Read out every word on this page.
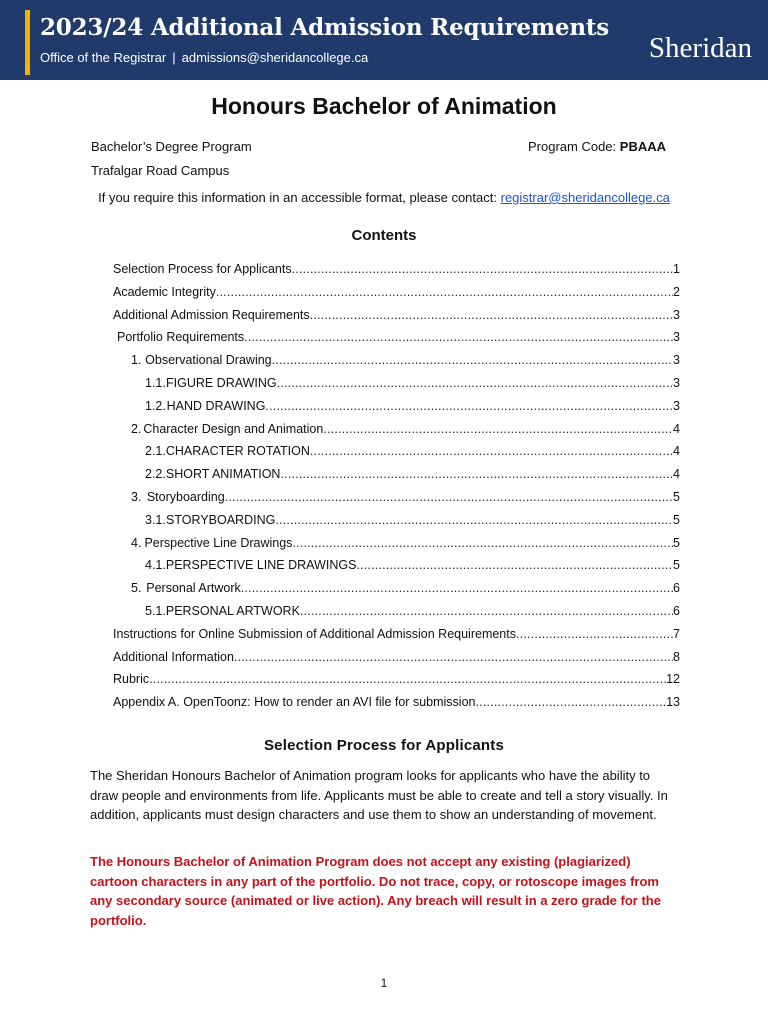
2023/24 Additional Admission Requirements
Office of the Registrar | admissions@sheridancollege.ca	Sheridan
Honours Bachelor of Animation
Bachelor’s Degree Program
Trafalgar Road Campus
Program Code: PBAAA
If you require this information in an accessible format, please contact: registrar@sheridancollege.ca
Contents
Selection Process for Applicants .....	1
Academic Integrity .....	2
Additional Admission Requirements .....	3
Portfolio Requirements .....	3
1. Observational Drawing .....	3
1.1. FIGURE DRAWING .....	3
1.2. HAND DRAWING .....	3
2. Character Design and Animation .....	4
2.1. CHARACTER ROTATION .....	4
2.2. SHORT ANIMATION .....	4
3. Storyboarding .....	5
3.1. STORYBOARDING .....	5
4. Perspective Line Drawings .....	5
4.1. PERSPECTIVE LINE DRAWINGS .....	5
5. Personal Artwork .....	6
5.1. PERSONAL ARTWORK .....	6
Instructions for Online Submission of Additional Admission Requirements .....	7
Additional Information .....	8
Rubric .....	12
Appendix A. OpenToonz: How to render an AVI file for submission .....	13
Selection Process for Applicants

The Sheridan Honours Bachelor of Animation program looks for applicants who have the ability to draw people and environments from life. Applicants must be able to create and tell a story visually. In addition, applicants must design characters and use them to show an understanding of movement.

The Honours Bachelor of Animation Program does not accept any existing (plagiarized) cartoon characters in any part of the portfolio. Do not trace, copy, or rotoscope images from any secondary source (animated or live action). Any breach will result in a zero grade for the portfolio.

1
